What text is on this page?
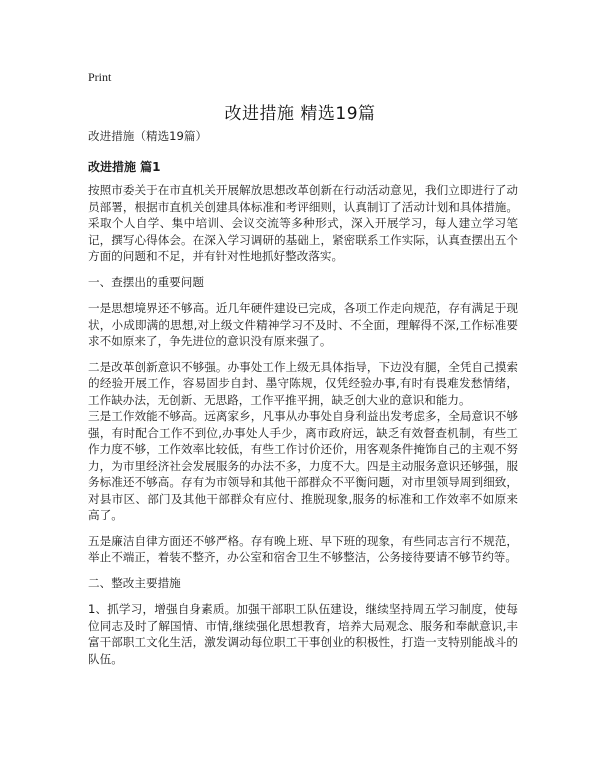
Print
改进措施 精选19篇

改进措施（精选19篇）

改进措施 篇1

按照市委关于在市直机关开展解放思想改革创新在行动活动意见，我们立即进行了动员部署，根据市直机关创建具体标准和考评细则，认真制订了活动计划和具体措施。采取个人自学、集中培训、会议交流等多种形式，深入开展学习，每人建立学习笔记，撰写心得体会。在深入学习调研的基础上，紧密联系工作实际，认真查摆出五个方面的问题和不足，并有针对性地抓好整改落实。

一、查摆出的重要问题

一是思想境界还不够高。近几年硬件建设已完成，各项工作走向规范，存有满足于现状，小成即满的思想,对上级文件精神学习不及时、不全面，理解得不深,工作标准要求不如原来了，争先进位的意识没有原来强了。

二是改革创新意识不够强。办事处工作上级无具体指导，下边没有腿，全凭自己摸索的经验开展工作，容易固步自封、墨守陈规，仅凭经验办事,有时有畏难发愁情绪，工作缺办法，无创新、无思路，工作平推平拥，缺乏创大业的意识和能力。

三是工作效能不够高。远离家乡，凡事从办事处自身利益出发考虑多，全局意识不够强，有时配合工作不到位,办事处人手少，离市政府远，缺乏有效督查机制，有些工作力度不够，工作效率比较低，有些工作讨价还价，用客观条件掩饰自己的主观不努力，为市里经济社会发展服务的办法不多，力度不大。四是主动服务意识还够强，服务标准还不够高。存有为市领导和其他干部群众不平衡问题，对市里领导周到细致，对县市区、部门及其他干部群众有应付、推脱现象,服务的标准和工作效率不如原来高了。

五是廉洁自律方面还不够严格。存有晚上班、早下班的现象，有些同志言行不规范，举止不端正，着装不整齐，办公室和宿舍卫生不够整洁，公务接待要请不够节约等。

二、整改主要措施

1、抓学习，增强自身素质。加强干部职工队伍建设，继续坚持周五学习制度，使每位同志及时了解国情、市情,继续强化思想教育，培养大局观念、服务和奉献意识,丰富干部职工文化生活，激发调动每位职工干事创业的积极性，打造一支特别能战斗的队伍。
